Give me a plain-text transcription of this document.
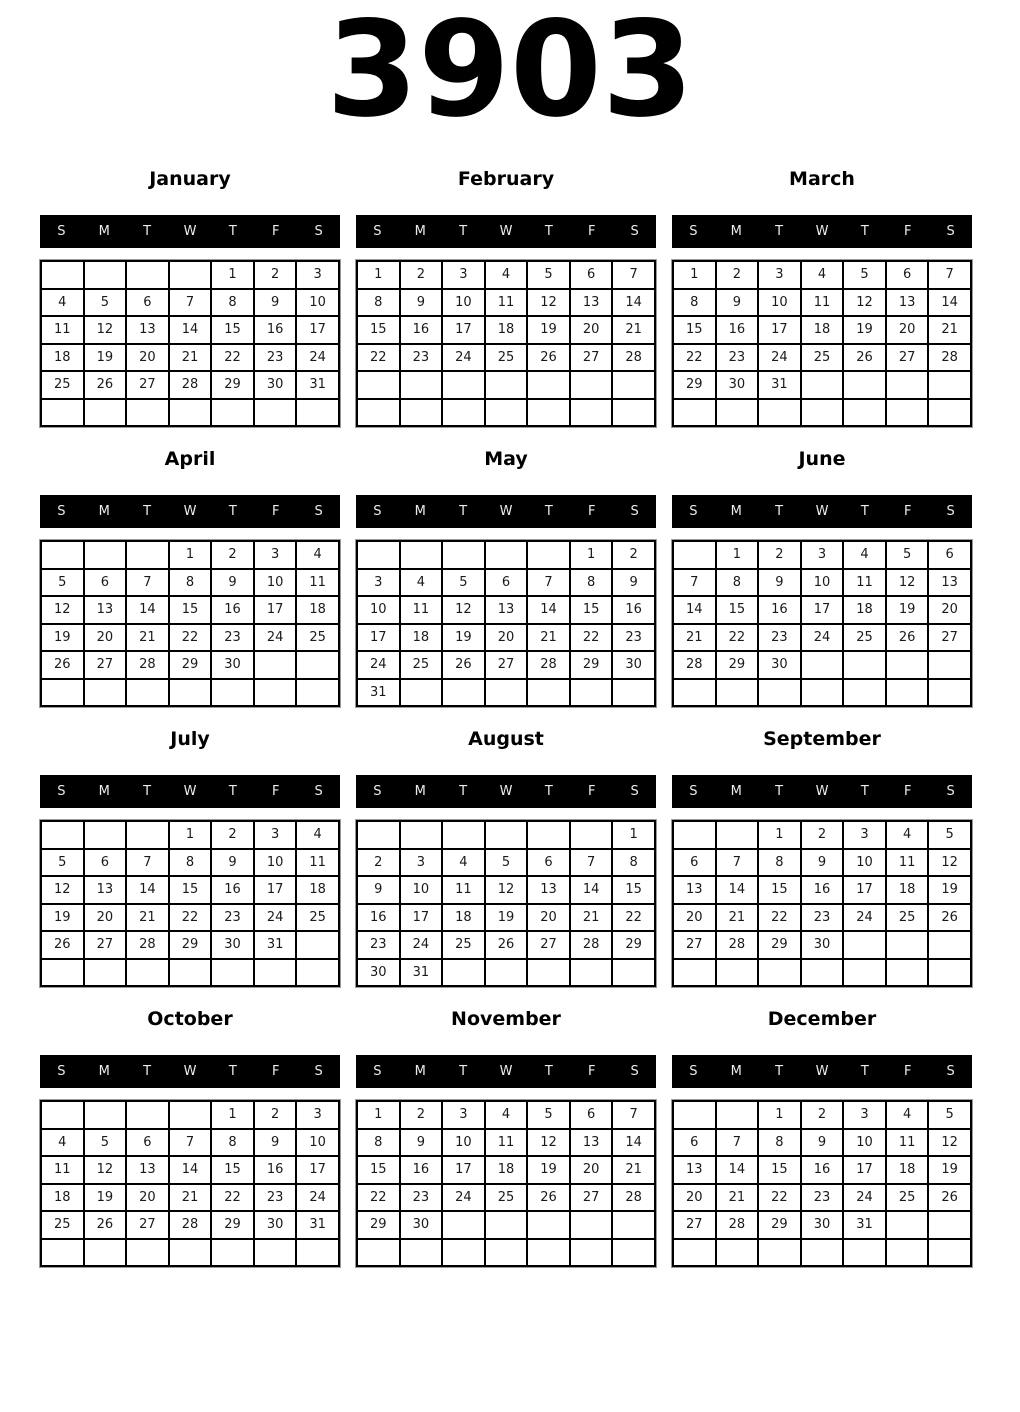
3903
January
S	M	T	W	T	F	S
				1	2	3
4	5	6	7	8	9	10
11	12	13	14	15	16	17
18	19	20	21	22	23	24
25	26	27	28	29	30	31

February
S	M	T	W	T	F	S
1	2	3	4	5	6	7
8	9	10	11	12	13	14
15	16	17	18	19	20	21
22	23	24	25	26	27	28

March
S	M	T	W	T	F	S
1	2	3	4	5	6	7
8	9	10	11	12	13	14
15	16	17	18	19	20	21
22	23	24	25	26	27	28
29	30	31				

April
S	M	T	W	T	F	S
			1	2	3	4
5	6	7	8	9	10	11
12	13	14	15	16	17	18
19	20	21	22	23	24	25
26	27	28	29	30		

May
S	M	T	W	T	F	S
					1	2
3	4	5	6	7	8	9
10	11	12	13	14	15	16
17	18	19	20	21	22	23
24	25	26	27	28	29	30
31						
June
S	M	T	W	T	F	S
	1	2	3	4	5	6
7	8	9	10	11	12	13
14	15	16	17	18	19	20
21	22	23	24	25	26	27
28	29	30				

July
S	M	T	W	T	F	S
			1	2	3	4
5	6	7	8	9	10	11
12	13	14	15	16	17	18
19	20	21	22	23	24	25
26	27	28	29	30	31	

August
S	M	T	W	T	F	S
						1
2	3	4	5	6	7	8
9	10	11	12	13	14	15
16	17	18	19	20	21	22
23	24	25	26	27	28	29
30	31					
September
S	M	T	W	T	F	S
		1	2	3	4	5
6	7	8	9	10	11	12
13	14	15	16	17	18	19
20	21	22	23	24	25	26
27	28	29	30			

October
S	M	T	W	T	F	S
				1	2	3
4	5	6	7	8	9	10
11	12	13	14	15	16	17
18	19	20	21	22	23	24
25	26	27	28	29	30	31

November
S	M	T	W	T	F	S
1	2	3	4	5	6	7
8	9	10	11	12	13	14
15	16	17	18	19	20	21
22	23	24	25	26	27	28
29	30					

December
S	M	T	W	T	F	S
		1	2	3	4	5
6	7	8	9	10	11	12
13	14	15	16	17	18	19
20	21	22	23	24	25	26
27	28	29	30	31		
